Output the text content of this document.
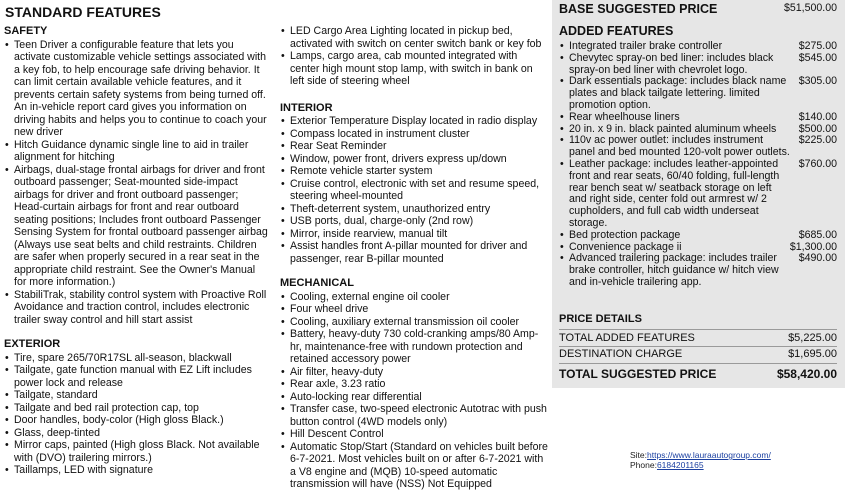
STANDARD FEATURES
SAFETY
• Teen Driver a configurable feature that lets you activate customizable vehicle settings associated with a key fob, to help encourage safe driving behavior. It can limit certain available vehicle features, and it prevents certain safety systems from being turned off. An in-vehicle report card gives you information on driving habits and helps you to continue to coach your new driver
• Hitch Guidance dynamic single line to aid in trailer alignment for hitching
• Airbags, dual-stage frontal airbags for driver and front outboard passenger; Seat-mounted side-impact airbags for driver and front outboard passenger; Head-curtain airbags for front and rear outboard seating positions; Includes front outboard Passenger Sensing System for frontal outboard passenger airbag (Always use seat belts and child restraints. Children are safer when properly secured in a rear seat in the appropriate child restraint. See the Owner's Manual for more information.)
• StabiliTrak, stability control system with Proactive Roll Avoidance and traction control, includes electronic trailer sway control and hill start assist
EXTERIOR
• Tire, spare 265/70R17SL all-season, blackwall
• Tailgate, gate function manual with EZ Lift includes power lock and release
• Tailgate, standard
• Tailgate and bed rail protection cap, top
• Door handles, body-color (High gloss Black.)
• Glass, deep-tinted
• Mirror caps, painted (High gloss Black. Not available with (DVO) trailering mirrors.)
• Taillamps, LED with signature
• LED Cargo Area Lighting located in pickup bed, activated with switch on center switch bank or key fob
• Lamps, cargo area, cab mounted integrated with center high mount stop lamp, with switch in bank on left side of steering wheel
INTERIOR
• Exterior Temperature Display located in radio display
• Compass located in instrument cluster
• Rear Seat Reminder
• Window, power front, drivers express up/down
• Remote vehicle starter system
• Cruise control, electronic with set and resume speed, steering wheel-mounted
• Theft-deterrent system, unauthorized entry
• USB ports, dual, charge-only (2nd row)
• Mirror, inside rearview, manual tilt
• Assist handles front A-pillar mounted for driver and passenger, rear B-pillar mounted
MECHANICAL
• Cooling, external engine oil cooler
• Four wheel drive
• Cooling, auxiliary external transmission oil cooler
• Battery, heavy-duty 730 cold-cranking amps/80 Amp-hr, maintenance-free with rundown protection and retained accessory power
• Air filter, heavy-duty
• Rear axle, 3.23 ratio
• Auto-locking rear differential
• Transfer case, two-speed electronic Autotrac with push button control (4WD models only)
• Hill Descent Control
• Automatic Stop/Start (Standard on vehicles built before 6-7-2021. Most vehicles built on or after 6-7-2021 with a V8 engine and (MQB) 10-speed automatic transmission will have (NSS) Not Equipped
BASE SUGGESTED PRICE	$51,500.00
ADDED FEATURES
• Integrated trailer brake controller	$275.00
• Chevytec spray-on bed liner: includes black spray-on bed liner with chevrolet logo.
$545.00
• Dark essentials package: includes black name plates and black tailgate lettering. limited promotion option.
$305.00
• Rear wheelhouse liners	$140.00
• 20 in. x 9 in. black painted aluminum wheels	$500.00
• 110v ac power outlet: includes instrument panel and bed mounted 120-volt power outlets.
$225.00
• Leather package: includes leather-appointed front and rear seats, 60/40 folding, full-length rear bench seat w/ seatback storage on left and right side, center fold out armrest w/ 2 cupholders, and full cab width underseat storage.
$760.00
• Bed protection package	$685.00
• Convenience package ii	$1,300.00
• Advanced trailering package: includes trailer brake controller, hitch guidance w/ hitch view and in-vehicle trailering app.
$490.00
PRICE DETAILS
TOTAL ADDED FEATURES	$5,225.00
DESTINATION CHARGE	$1,695.00
TOTAL SUGGESTED PRICE	$58,420.00
Site:https://www.lauraautogroup.com/
Phone:6184201165
